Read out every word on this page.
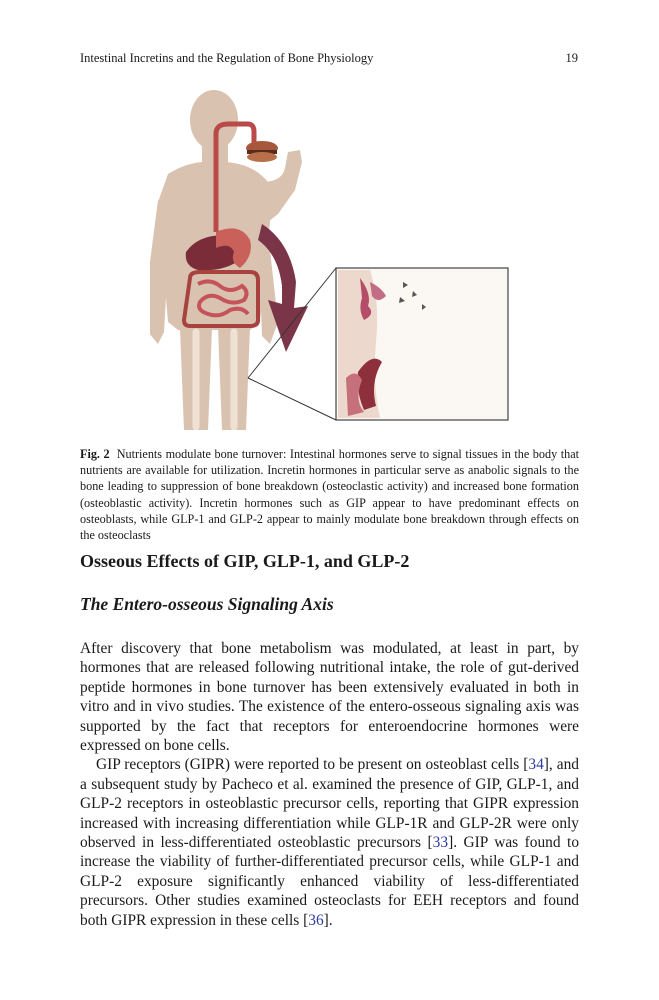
Intestinal Incretins and the Regulation of Bone Physiology	19
Fig. 2 Nutrients modulate bone turnover: Intestinal hormones serve to signal tissues in the body that nutrients are available for utilization. Incretin hormones in particular serve as anabolic signals to the bone leading to suppression of bone breakdown (osteoclastic activity) and increased bone formation (osteoblastic activity). Incretin hormones such as GIP appear to have predominant effects on osteoblasts, while GLP-1 and GLP-2 appear to mainly modulate bone breakdown through effects on the osteoclasts
Osseous Effects of GIP, GLP-1, and GLP-2
The Entero-osseous Signaling Axis

After discovery that bone metabolism was modulated, at least in part, by hormones that are released following nutritional intake, the role of gut-derived peptide hormones in bone turnover has been extensively evaluated in both in vitro and in vivo studies. The existence of the entero-osseous signaling axis was supported by the fact that receptors for enteroendocrine hormones were expressed on bone cells.

GIP receptors (GIPR) were reported to be present on osteoblast cells [34], and a subsequent study by Pacheco et al. examined the presence of GIP, GLP-1, and GLP-2 receptors in osteoblastic precursor cells, reporting that GIPR expression increased with increasing differentiation while GLP-1R and GLP-2R were only observed in less-differentiated osteoblastic precursors [33]. GIP was found to increase the viability of further-differentiated precursor cells, while GLP-1 and GLP-2 exposure significantly enhanced viability of less-differentiated precursors. Other studies examined osteoclasts for EEH receptors and found both GIPR expression in these cells [36].
